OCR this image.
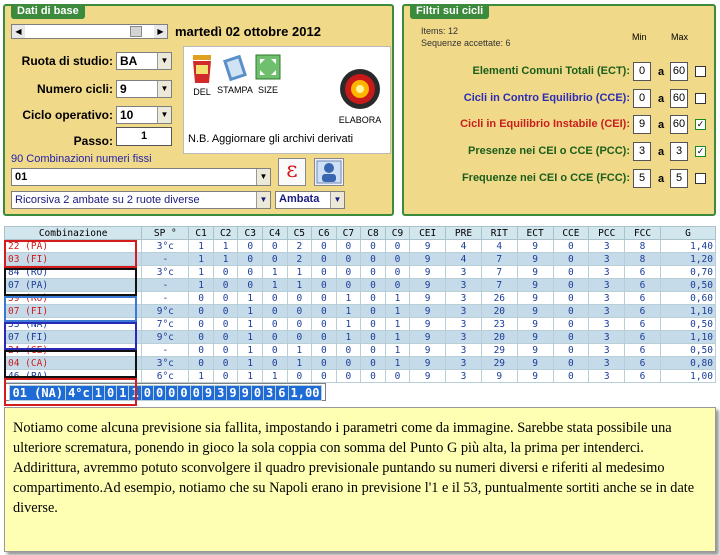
Dati di base
◀	▶ martedì 02 ottobre 2012
Ruota di studio: BA	▼
Numero cicli: 9	▼
Ciclo operativo: 10	▼
Passo:	1
90 Combinazioni numeri fissi
01	▼
Ricorsiva 2 ambate su 2 ruote diverse	▼	Ambata	▼
ε
DEL STAMPA SIZE
ELABORA
N.B. Aggiornare gli archivi derivati
Filtri sui cicli
Items: 12
Sequenze accettate: 6
Min	Max
Elementi Comuni Totali (ECT): 0	a 60
Cicli in Contro Equilibrio (CCE): 0	a 60
Cicli in Equilibrio Instabile (CEI): 9	a 60	✓
Presenze nei CEI o CCE (PCC): 3	a	3	✓
Frequenze nei CEI o CCE (FCC): 5	a	5
Combinazione	SP °	C1	C2	C3	C4	C5	C6	C7	C8	C9	CEI	PRE	RIT	ECT	CCE	PCC	FCC	G
22 (PA)	3°c	1	1	0	0	2	0	0	0	0	9	4	4	9	0	3	8	1,40
03 (FI)	-	1	1	0	0	2	0	0	0	0	9	4	7	9	0	3	8	1,20
84 (RO)	3°c	1	0	0	1	1	0	0	0	0	9	3	7	9	0	3	6	0,70
07 (PA)	-	1	0	0	1	1	0	0	0	0	9	3	7	9	0	3	6	0,50
59 (RO)	-	0	0	1	0	0	0	1	0	1	9	3	26	9	0	3	6	0,60
07 (FI)	9°c	0	0	1	0	0	0	1	0	1	9	3	20	9	0	3	6	1,10
53 (NA)	7°c	0	0	1	0	0	0	1	0	1	9	3	23	9	0	3	6	0,50
07 (FI)	9°c	0	0	1	0	0	0	1	0	1	9	3	20	9	0	3	6	1,10
24 (GE)	-	0	0	1	0	1	0	0	0	1	9	3	29	9	0	3	6	0,50
04 (CA)	3°c	0	0	1	0	1	0	0	0	1	9	3	29	9	0	3	6	0,80
46 (PA)	6°c	1	0	1	1	0	0	0	0	0	9	3	9	9	0	3	6	1,00

01 (NA)	4°c	1	0	1	1	0	0	0	0	0	9	3	9	9	0	3	6	1,00
Notiamo come alcuna previsione sia fallita, impostando i parametri come da immagine. Sarebbe stata possibile una ulteriore scrematura, ponendo in gioco la sola coppia con somma del Punto G più alta, la prima per intenderci. Addirittura, avremmo potuto sconvolgere il quadro previsionale puntando su numeri diversi e riferiti al medesimo compartimento.Ad esempio, notiamo che su Napoli erano in previsione l'1 e il 53, puntualmente sortiti anche se in date diverse.
